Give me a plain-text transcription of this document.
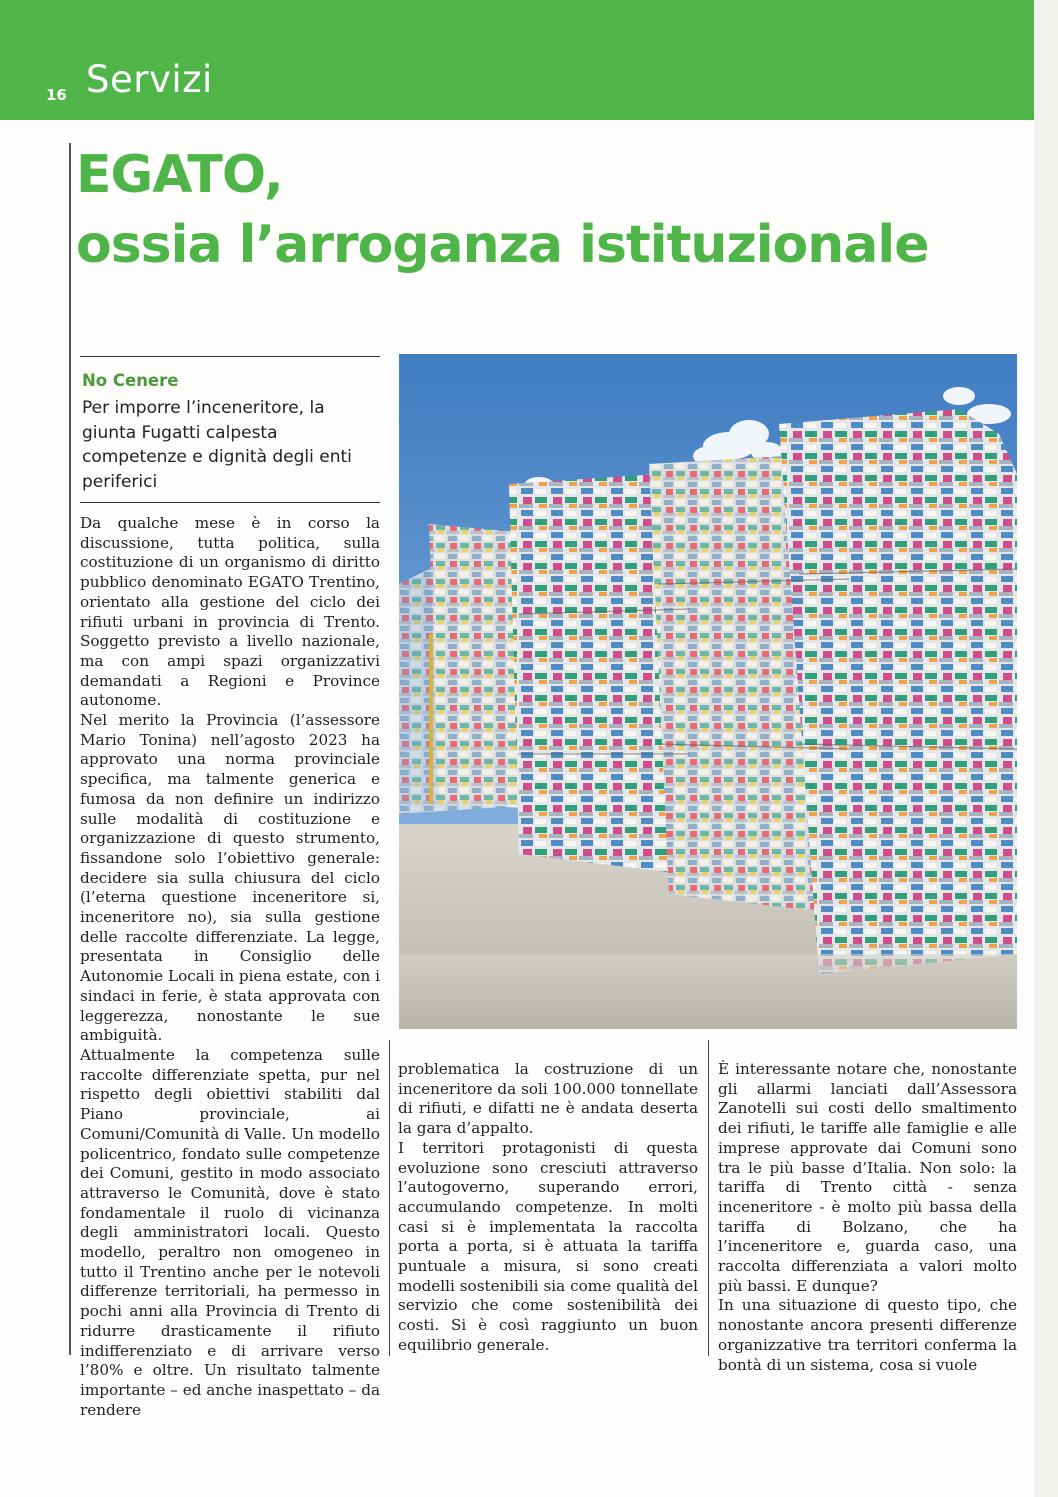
16 Servizi
EGATO,
ossia l’arroganza istituzionale
No Cenere
Per imporre l’inceneritore, la giunta Fugatti calpesta competenze e dignità degli enti periferici

Da qualche mese è in corso la discussione, tutta politica, sulla costituzione di un organismo di diritto pubblico denominato EGATO Trentino, orientato alla gestione del ciclo dei rifiuti urbani in provincia di Trento. Soggetto previsto a livello nazionale, ma con ampi spazi organizzativi demandati a Regioni e Province autonome.

Nel merito la Provincia (l’assessore Mario Tonina) nell’agosto 2023 ha approvato una norma provinciale specifica, ma talmente generica e fumosa da non definire un indirizzo sulle modalità di costituzione e organizzazione di questo strumento, fissandone solo l’obiettivo generale: decidere sia sulla chiusura del ciclo (l’eterna questione inceneritore si, inceneritore no), sia sulla gestione delle raccolte differenziate. La legge, presentata in Consiglio delle Autonomie Locali in piena estate, con i sindaci in ferie, è stata approvata con leggerezza, nonostante le sue ambiguità.

Attualmente la competenza sulle raccolte differenziate spetta, pur nel rispetto degli obiettivi stabiliti dal Piano provinciale, ai Comuni/Comunità di Valle. Un modello policentrico, fondato sulle competenze dei Comuni, gestito in modo associato attraverso le Comunità, dove è stato fondamentale il ruolo di vicinanza degli amministratori locali. Questo modello, peraltro non omogeneo in tutto il Trentino anche per le notevoli differenze territoriali, ha permesso in pochi anni alla Provincia di Trento di ridurre drasticamente il rifiuto indifferenziato e di arrivare verso l’80% e oltre. Un risultato talmente importante – ed anche inaspettato – da rendere

problematica la costruzione di un inceneritore da soli 100.000 tonnellate di rifiuti, e difatti ne è andata deserta la gara d’appalto.

I territori protagonisti di questa evoluzione sono cresciuti attraverso l’autogoverno, superando errori, accumulando competenze. In molti casi si è implementata la raccolta porta a porta, si è attuata la tariffa puntuale a misura, si sono creati modelli sostenibili sia come qualità del servizio che come sostenibilità dei costi. Si è così raggiunto un buon equilibrio generale.

È interessante notare che, nonostante gli allarmi lanciati dall’Assessora Zanotelli sui costi dello smaltimento dei rifiuti, le tariffe alle famiglie e alle imprese approvate dai Comuni sono tra le più basse d’Italia. Non solo: la tariffa di Trento città - senza inceneritore - è molto più bassa della tariffa di Bolzano, che ha l’inceneritore e, guarda caso, una raccolta differenziata a valori molto più bassi. E dunque?

In una situazione di questo tipo, che nonostante ancora presenti differenze organizzative tra territori conferma la bontà di un sistema, cosa si vuole
